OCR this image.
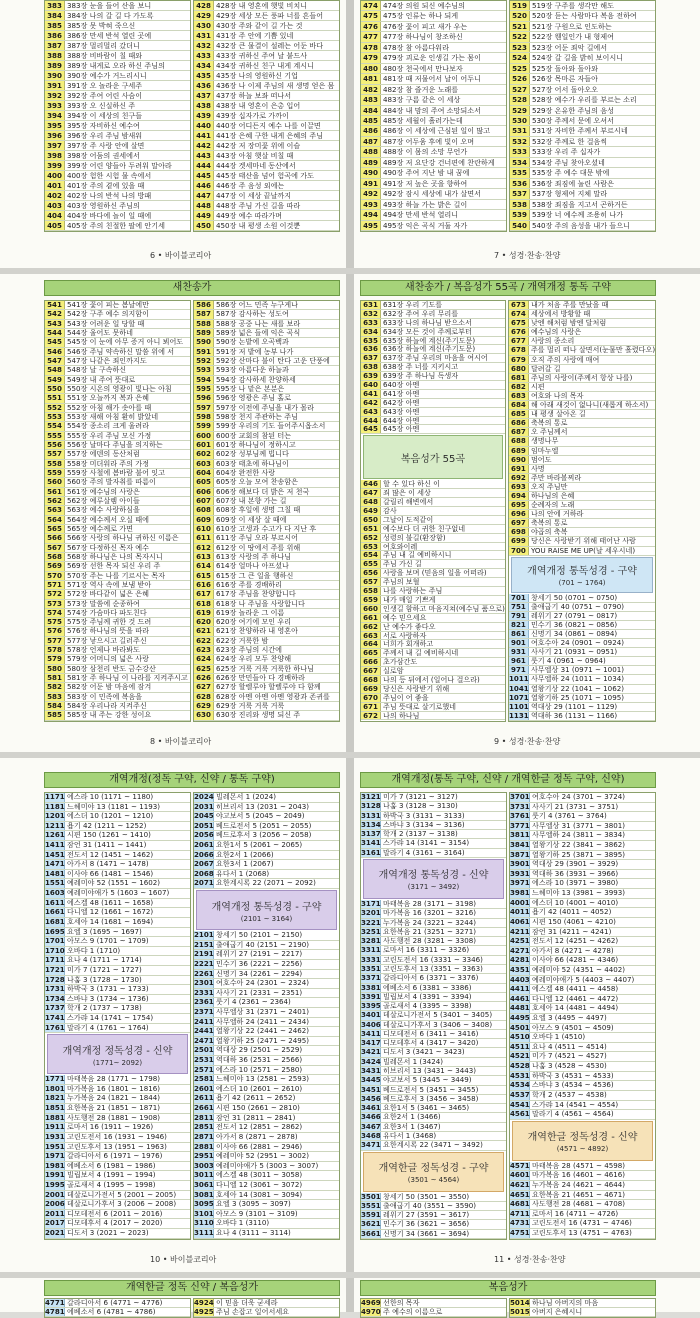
383 383장 눈을 들어 산을 보니
384 384장 나의 갈 길 다 가도록
385 385장 못 박혀 죽으신
386 386장 만세 반석 열린 곳에
387 387장 멀리멀리 갔더니
388 388장 비바람이 칠 때와
389 389장 내게로 오라 하신 주님의
390 390장 예수가 거느리시니
391 391장 오 놀라운 구세주
392 392장 주여 어린 사슴이
393 393장 오 신실하신 주
394 394장 이 세상의 친구들
395 395장 자비하신 예수여
396 396장 우리 주님 밤새워
397 397장 주 사랑 안에 살면
398 398장 어둠의 권세에서
399 399장 어린 양들아 두려워 말아라
400 400장 험한 시험 물 속에서
401 401장 주의 곁에 있을 때
402 402장 나의 반석 나의 방패
403 403장 영원하신 주님의
404 404장 바다에 놀이 일 때에
405 405장 주의 친절한 팔에 안기세
428 428장 내 영혼에 햇빛 비치니
429 429장 세상 모든 풍파 너를 흔들어
430 430장 주와 같이 길 가는 것
431 431장 주 안에 기쁨 있네
432 432장 큰 물결이 설레는 어둔 바다
433 433장 귀하신 주여 날 붙드사
434 434장 귀하신 친구 내게 계시니
435 435장 나의 영원하신 기업
436 436장 나 이제 주님의 새 생명 얻은 몸
437 437장 하늘 보좌 떠나서
438 438장 내 영혼이 은총 입어
439 439장 십자가로 가까이
440 440장 어디든지 예수 나를 이끌면
441 441장 은혜 구한 내게 은혜의 주님
442 442장 저 장미꽃 위에 이슬
443 443장 아침 햇살 비칠 때
444 444장 겟세마네 동산에서
445 445장 태산을 넘어 험곡에 가도
446 446장 주 음성 외에는
447 447장 이 세상 끝날까지
448 448장 주님 가신 길을 따라
449 449장 예수 따라가며
450 450장 내 평생 소원 이것뿐
6 • 바이블코리아
474 474장 의원 되신 예수님의
475 475장 인류는 하나 되게
476 476장 꽃이 피고 새가 우는
477 477장 하나님이 창조하신
478 478장 참 아름다워라
479 479장 괴로운 인생길 가는 몸이
480 480장 천국에서 만나보자
481 481장 때 저물어서 날이 어두니
482 482장 참 즐거운 노래를
483 483장 구름 같은 이 세상
484 484장 내 맘의 주여 소망되소서
485 485장 세월이 흘러가는데
486 486장 이 세상에 근심된 일이 많고
487 487장 어두움 후에 빛이 오며
488 488장 이 몸의 소망 무언가
489 489장 저 요단강 건너편에 찬란하게
490 490장 주여 지난 밤 내 꿈에
491 491장 저 높은 곳을 향하여
492 492장 잠시 세상에 내가 살면서
493 493장 하늘 가는 밝은 길이
494 494장 만세 반석 열리니
495 495장 익은 곡식 거둘 자가
519 519장 구주를 생각만 해도
520 520장 듣는 사람마다 복음 전하여
521 521장 구원으로 인도하는
522 522장 웬일인가 내 형제여
523 523장 어둔 죄악 길에서
524 524장 갈 길을 밝히 보이시니
525 525장 돌아와 돌아와
526 526장 목마른 자들아
527 527장 어서 돌아오오
528 528장 예수가 우리를 부르는 소리
529 529장 온유한 주님의 음성
530 530장 주께서 문에 오셔서
531 531장 자비한 주께서 부르시네
532 532장 주께로 한 걸음씩
533 533장 우리 주 십자가
534 534장 주님 찾아오셨네
535 535장 주 예수 대문 밖에
536 536장 죄짐에 눌린 사람은
537 537장 형제여 지체 말라
538 538장 죄짐을 지고서 곤하거든
539 539장 너 예수께 조용히 나가
540 540장 주의 음성을 내가 들으니
7 • 성경·찬송·찬양
새찬송가
541 541장 꽃이 피는 봄날에만
542 542장 구주 예수 의지함이
543 543장 어려운 일 당할 때
544 544장 울어도 못하네
545 545장 이 눈에 아무 증거 아니 뵈어도
546 546장 주님 약속하신 말씀 위에 서
547 547장 나같은 죄인까지도
548 548장 날 구속하신
549 549장 내 주여 뜻대로
550 550장 시온의 영광이 빛나는 아침
551 551장 오늘까지 복과 은혜
552 552장 아침 해가 솟아를 때
553 553장 새해 아침 환히 밝았네
554 554장 종소리 크게 울려라
555 555장 우리 주님 모신 가정
556 556장 날마다 주님을 의지하는
557 557장 에덴의 동산처럼
558 558장 미더워라 주의 가정
559 559장 사철에 봄바람 불어 잇고
560 560장 주의 발자취를 따름이
561 561장 예수님의 사랑은
562 562장 예루살렘 아이들
563 563장 예수 사랑하심을
564 564장 예수께서 오실 때에
565 565장 예수께로 가면
566 566장 사랑의 하나님 귀하신 이름은
567 567장 다정하신 목자 예수
568 568장 하나님은 나의 목자시니
569 569장 선한 목자 되신 우리 주
570 570장 주는 나를 기르시는 목자
571 571장 역사 속에 보냄 받아
572 572장 바다같이 넓은 은혜
573 573장 말씀에 순종하여
574 574장 가슴마다 파도친다
575 575장 주님께 귀한 것 드려
576 576장 하나님의 뜻을 따라
577 577장 낳으시고 길러주신
578 578장 언제나 바라봐도
579 579장 어머니의 넓은 사랑
580 580장 삼천리 반도 금수강산
581 581장 주 하나님 이 나라를 지켜주시고
582 582장 어둔 밤 마음에 잠겨
583 583장 이 민족에 복음을
584 584장 우리나라 지켜주신
585 585장 내 주는 강한 성이요
586 586장 어느 민족 누구게나
587 587장 감사하는 성도여
588 588장 공중 나는 새를 보라
589 589장 넓은 들에 익은 곡식
590 590장 논밭에 오곡백과
591 591장 저 밭에 농부 나가
592 592장 산마다 불이 탄다 고운 단풍에
593 593장 아름다운 하늘과
594 594장 감사하세 찬양하세
595 595장 나 맡은 본분은
596 596장 영광은 주님 홀로
597 597장 이전에 주님을 내가 몰라
598 598장 천지 주관하는 주님
599 599장 우리의 기도 들어주시옵소서
600 600장 교회의 참된 터는
601 601장 하나님이 정하시고
602 602장 성부님께 빕니다
603 603장 태초에 하나님이
604 604장 완전한 사랑
605 605장 오늘 모여 찬송함은
606 606장 해보다 더 밝은 저 천국
607 607장 내 본향 가는 길
608 608장 후일에 생명 그칠 때
609 609장 이 세상 살 때에
610 610장 고생과 수고가 다 지난 후
611 611장 주님 오라 부르시어
612 612장 이 땅에서 주를 위해
613 613장 사랑의 주 하나님
614 614장 얼마나 아프셨나
615 615장 그 큰 일을 행하신
616 616장 주를 경배하리
617 617장 주님을 찬양합니다
618 618장 나 주님을 사랑합니다
619 619장 놀라운 그 이름
620 620장 여기에 모인 우리
621 621장 찬양하라 내 영혼아
622 622장 거룩한 밤
623 623장 주님의 시간에
624 624장 우리 모두 찬양해
625 625장 거룩 거룩 거룩한 하나님
626 626장 만민들아 다 경배하라
627 627장 할렐루야 할렐루야 다 함께
628 628장 아멘 아멘 아멘 영광과 존귀를
629 629장 거룩 거룩 거룩
630 630장 진리와 생명 되신 주
8 • 바이블코리아
새찬송가 / 복음성가 55곡 / 개역개정 통독 구약
631 631장 우리 기도를
632 632장 주여 우리 무리를
633 633장 나의 하나님 받으소서
634 634장 모든 것이 주께로부터
635 635장 하늘에 계신(주기도문)
636 636장 하늘에 계신(주기도문)
637 637장 주님 우리의 마음을 여시어
638 638장 주 너를 지키시고
639 639장 주 하나님 독생자
640 640장 아멘
641 641장 아멘
642 642장 아멘
643 643장 아멘
644 644장 아멘
645 645장 아멘
복음성가 55곡
646 할 수 있다 하신 이
647 죄 많은 이 세상
648 갈릴리 해변에서
649 감사
650 그날이 도적같이
651 예수보다 더 귀한 친구없네
652 성령의 불길(환장함)
653 여호와이레
654 주님 내 길 예비하시니
655 주님 가신 길
656 사랑을 보며 (믿음의 일을 어떠라)
657 주님의 보혈
658 나를 사랑하는 주님
659 내가 매일 기쁘게
660 인생길 함하고 마음지쳐(예수님 품으로)
661 예수 믿으세요
662 난 예수가 좋다오
663 서로 사랑하자
664 너희가 회개하고
665 주께서 내 길 예비하시네
666 초가삼간도
667 실로암
668 나의 등 뒤에서 (일어나 걸으라)
669 당신은 사랑받기 위해
670 주님이 어 좋을
671 주님 뜻대로 살기로했네
672 나의 하나님
673 내가 처음 주를 만났을 때
674 세상에서 방황할 때
675 낮엔 해처럼 밤엔 달처럼
676 예수님의 사랑은
677 사랑의 종소리
678 주를 멀리 떠나 살면서(눈물만 흘렸다오)
679 오직 주의 사랑에 매여
680 달려갈 길
681 주님의 사랑이(주께서 항상 나를)
682 시편
683 여호와 나의 목자
684 해 아래 새것이 없나니(새롭게 하소서)
685 내 평생 살아온 길
686 축복의 통로
687 오 주님께서
688 생명나무
689 임마누엘
690 멈어도
691 사명
692 주만 바라볼찌라
693 오직 주님만
694 하나님의 은혜
695 순례자의 노래
696 나의 안에 거하라
697 축복의 통로
698 야곱의 축복
699 당신은 사랑받기 위해 태어난 사람
700 YOU RAISE ME UP(날 세우시네)
개역개정 통독성경 - 구약
(701 ~ 1764)
701 창세기 50 (0701 ~ 0750)
751 출애굽기 40 (0751 ~ 0790)
791 레위기 27 (0791 ~ 0817)
821 민수기 36 (0821 ~ 0856)
861 신명기 34 (0861 ~ 0894)
901 여호수아 24 (0901 ~ 0924)
931 사사기 21 (0931 ~ 0951)
961 룻기 4 (0961 ~ 0964)
971 사무엘상 31 (0971 ~ 1001)
1011 사무엘하 24 (1011 ~ 1034)
1041 열왕기상 22 (1041 ~ 1062)
1071 열왕기하 25 (1071 ~ 1095)
1101 역대상 29 (1101 ~ 1129)
1131 역대하 36 (1131 ~ 1166)
9 • 성경·찬송·찬양
개역개정(정독 구약, 신약 / 통독 구약)
1171 에스라 10 (1171 ~ 1180)
1181 느헤미야 13 (1181 ~ 1193)
1201 에스더 10 (1201 ~ 1210)
1211 욥기 42 (1211 ~ 1252)
1261 시편 150 (1261 ~ 1410)
1411 잠언 31 (1411 ~ 1441)
1451 전도서 12 (1451 ~ 1462)
1471 아가서 8 (1471 ~ 1478)
1481 이사야 66 (1481 ~ 1546)
1551 예레미야 52 (1551 ~ 1602)
1603 예레미야애가 5 (1603 ~ 1607)
1611 에스겔 48 (1611 ~ 1658)
1661 다니엘 12 (1661 ~ 1672)
1681 호세아 14 (1681 ~ 1694)
1695 요엘 3 (1695 ~ 1697)
1701 아모스 9 (1701 ~ 1709)
1710 오바댜 1 (1710)
1711 요나 4 (1711 ~ 1714)
1721 미가 7 (1721 ~ 1727)
1728 나훔 3 (1728 ~ 1730)
1731 하박국 3 (1731 ~ 1733)
1734 스바냐 3 (1734 ~ 1736)
1737 학개 2 (1737 ~ 1738)
1741 스가랴 14 (1741 ~ 1754)
1761 말라기 4 (1761 ~ 1764)
개역개정 정독성경 - 신약
(1771~ 2092)
1771 마태복음 28 (1771 ~ 1798)
1801 마가복음 16 (1801 ~ 1816)
1821 누가복음 24 (1821 ~ 1844)
1851 요한복음 21 (1851 ~ 1871)
1881 사도행전 28 (1881 ~ 1908)
1911 로마서 16 (1911 ~ 1926)
1931 고린도전서 16 (1931 ~ 1946)
1951 고린도후서 13 (1951 ~ 1963)
1971 갈라디아서 6 (1971 ~ 1976)
1981 에베소서 6 (1981 ~ 1986)
1991 빌립보서 4 (1991 ~ 1994)
1995 골로새서 4 (1995 ~ 1998)
2001 데살로니가전서 5 (2001 ~ 2005)
2006 데살로니가후서 3 (2006 ~ 2008)
2011 디모데전서 6 (2011 ~ 2016)
2017 디모데후서 4 (2017 ~ 2020)
2021 디도서 3 (2021 ~ 2023)
2024 빌레몬서 1 (2024)
2031 히브리서 13 (2031 ~ 2043)
2045 야고보서 5 (2045 ~ 2049)
2051 베드로전서 5 (2051 ~ 2055)
2056 베드로후서 3 (2056 ~ 2058)
2061 요한1서 5 (2061 ~ 2065)
2066 요한2서 1 (2066)
2067 요한3서 1 (2067)
2068 유다서 1 (2068)
2071 요한계시록 22 (2071 ~ 2092)
개역개정 통독성경 - 구약
(2101 ~ 3164)
2101 창세기 50 (2101 ~ 2150)
2151 출애굽기 40 (2151 ~ 2190)
2191 레위기 27 (2191 ~ 2217)
2221 민수기 36 (2221 ~ 2256)
2261 신명기 34 (2261 ~ 2294)
2301 여호수아 24 (2301 ~ 2324)
2331 사사기 21 (2331 ~ 2351)
2361 룻기 4 (2361 ~ 2364)
2371 사무엘상 31 (2371 ~ 2401)
2411 사무엘하 24 (2411 ~ 2434)
2441 열왕기상 22 (2441 ~ 2462)
2471 열왕기하 25 (2471 ~ 2495)
2501 역대상 29 (2501 ~ 2529)
2531 역대하 36 (2531 ~ 2566)
2571 에스라 10 (2571 ~ 2580)
2581 느헤미야 13 (2581 ~ 2593)
2601 에스더 10 (2601 ~ 2610)
2611 욥기 42 (2611 ~ 2652)
2661 시편 150 (2661 ~ 2810)
2811 잠언 31 (2811 ~ 2841)
2851 전도서 12 (2851 ~ 2862)
2871 아가서 8 (2871 ~ 2878)
2881 이사야 66 (2881 ~ 2946)
2951 예레미야 52 (2951 ~ 3002)
3003 예레미야애가 5 (3003 ~ 3007)
3011 에스겔 48 (3011 ~ 3058)
3061 다니엘 12 (3061 ~ 3072)
3081 호세아 14 (3081 ~ 3094)
3095 요엘 3 (3095 ~ 3097)
3101 아모스 9 (3101 ~ 3109)
3110 오바댜 1 (3110)
3111 요나 4 (3111 ~ 3114)
10 • 바이블코리아
개역개정(통독 구약, 신약 / 개역한글 정독 구약, 신약)
3121 미가 7 (3121 ~ 3127)
3128 나훔 3 (3128 ~ 3130)
3131 하박국 3 (3131 ~ 3133)
3134 스바냐 3 (3134 ~ 3136)
3137 학개 2 (3137 ~ 3138)
3141 스가랴 14 (3141 ~ 3154)
3161 말라기 4 (3161 ~ 3164)
개역개정 통독성경 - 신약
(3171 ~ 3492)
3171 마태복음 28 (3171 ~ 3198)
3201 마가복음 16 (3201 ~ 3216)
3221 누가복음 24 (3221 ~ 3244)
3251 요한복음 21 (3251 ~ 3271)
3281 사도행전 28 (3281 ~ 3308)
3311 로마서 16 (3311 ~ 3326)
3331 고린도전서 16 (3331 ~ 3346)
3351 고린도후서 13 (3351 ~ 3363)
3371 갈라디아서 6 (3371 ~ 3376)
3381 에베소서 6 (3381 ~ 3386)
3391 빌립보서 4 (3391 ~ 3394)
3395 골로새서 4 (3395 ~ 3398)
3401 데살로니가전서 5 (3401 ~ 3405)
3406 데살로니가후서 3 (3406 ~ 3408)
3411 디모데전서 6 (3411 ~ 3416)
3417 디모데후서 4 (3417 ~ 3420)
3421 디도서 3 (3421 ~ 3423)
3424 빌레몬서 1 (3424)
3431 히브리서 13 (3431 ~ 3443)
3445 야고보서 5 (3445 ~ 3449)
3451 베드로전서 5 (3451 ~ 3455)
3456 베드로후서 3 (3456 ~ 3458)
3461 요한1서 5 (3461 ~ 3465)
3466 요한2서 1 (3466)
3467 요한3서 1 (3467)
3468 유다서 1 (3468)
3471 요한계시록 22 (3471 ~ 3492)
개역한글 정독성경 - 구약
(3501 ~ 4564)
3501 창세기 50 (3501 ~ 3550)
3551 출애굽기 40 (3551 ~ 3590)
3591 레위기 27 (3591 ~ 3617)
3621 민수기 36 (3621 ~ 3656)
3661 신명기 34 (3661 ~ 3694)
3701 여호수아 24 (3701 ~ 3724)
3731 사사기 21 (3731 ~ 3751)
3761 룻기 4 (3761 ~ 3764)
3771 사무엘상 31 (3771 ~ 3801)
3811 사무엘하 24 (3811 ~ 3834)
3841 열왕기상 22 (3841 ~ 3862)
3871 열왕기하 25 (3871 ~ 3895)
3901 역대상 29 (3901 ~ 3929)
3931 역대하 36 (3931 ~ 3966)
3971 에스라 10 (3971 ~ 3980)
3981 느헤미야 13 (3981 ~ 3993)
4001 에스더 10 (4001 ~ 4010)
4011 욥기 42 (4011 ~ 4052)
4061 시편 150 (4061 ~ 4210)
4211 잠언 31 (4211 ~ 4241)
4251 전도서 12 (4251 ~ 4262)
4271 아가서 8 (4271 ~ 4278)
4281 이사야 66 (4281 ~ 4346)
4351 예레미야 52 (4351 ~ 4402)
4403 예레미야애가 5 (4403 ~ 4407)
4411 에스겔 48 (4411 ~ 4458)
4461 다니엘 12 (4461 ~ 4472)
4481 호세아 14 (4481 ~ 4494)
4495 요엘 3 (4495 ~ 4497)
4501 아모스 9 (4501 ~ 4509)
4510 오바댜 1 (4510)
4511 요나 4 (4511 ~ 4514)
4521 미가 7 (4521 ~ 4527)
4528 나훔 3 (4528 ~ 4530)
4531 하박국 3 (4531 ~ 4533)
4534 스바냐 3 (4534 ~ 4536)
4537 학개 2 (4537 ~ 4538)
4541 스가랴 14 (4541 ~ 4554)
4561 말라기 4 (4561 ~ 4564)
개역한글 정독성경 - 신약
(4571 ~ 4892)
4571 마태복음 28 (4571 ~ 4598)
4601 마가복음 16 (4601 ~ 4616)
4621 누가복음 24 (4621 ~ 4644)
4651 요한복음 21 (4651 ~ 4671)
4681 사도행전 28 (4681 ~ 4708)
4711 로마서 16 (4711 ~ 4726)
4731 고린도전서 16 (4731 ~ 4746)
4751 고린도후서 13 (4751 ~ 4763)
11 • 성경·찬송·찬양
개역한글 정독 신약 / 복음성가
4771 갈라디아서 6 (4771 ~ 4776)
4781 에베소서 6 (4781 ~ 4786)
4924 이 믿음 더욱 굳세라
4925 주님 손잡고 일어서세요
복음성가
4969 선한의 목자
4970 주 예수의 이름으로
5014 하나님 아버지의 마음
5015 아버지 은혜시니
